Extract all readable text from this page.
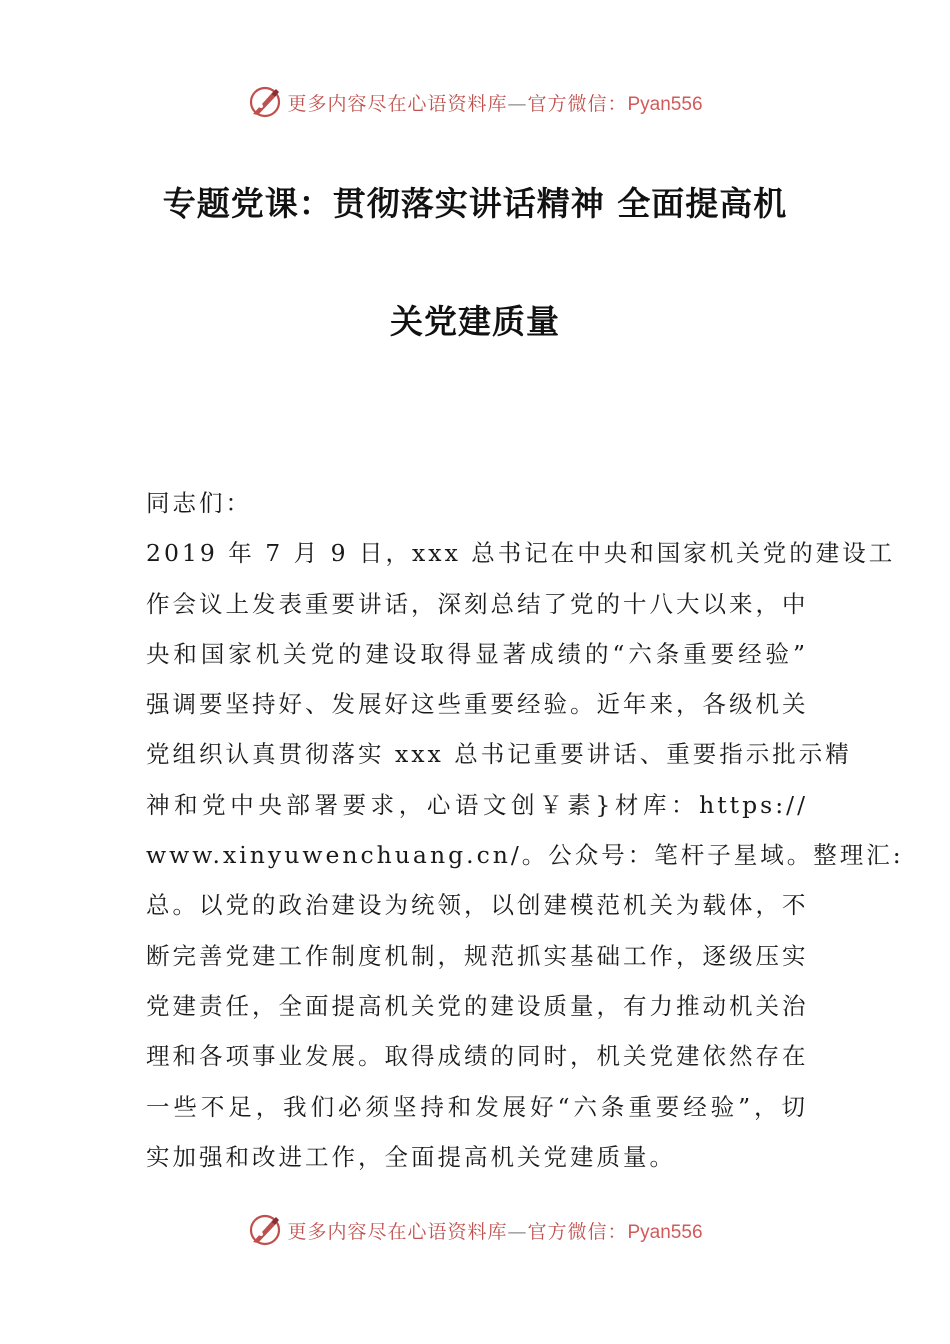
更多内容尽在心语资料库—官方微信：Pyan556
专题党课：贯彻落实讲话精神 全面提高机
关党建质量
同志们：
2019 年 7 月 9 日，xxx 总书记在中央和国家机关党的建设工
作会议上发表重要讲话，深刻总结了党的十八大以来，中
央和国家机关党的建设取得显著成绩的“六条重要经验”
强调要坚持好、发展好这些重要经验。近年来，各级机关
党组织认真贯彻落实 xxx 总书记重要讲话、重要指示批示精
神和党中央部署要求，心语文创￥素}材库：https://
www.xinyuwenchuang.cn/。公众号：笔杆子星域。整理汇:
总。以党的政治建设为统领，以创建模范机关为载体，不
断完善党建工作制度机制，规范抓实基础工作，逐级压实
党建责任，全面提高机关党的建设质量，有力推动机关治
理和各项事业发展。取得成绩的同时，机关党建依然存在
一些不足，我们必须坚持和发展好“六条重要经验”，切
实加强和改进工作，全面提高机关党建质量。
更多内容尽在心语资料库—官方微信：Pyan556
